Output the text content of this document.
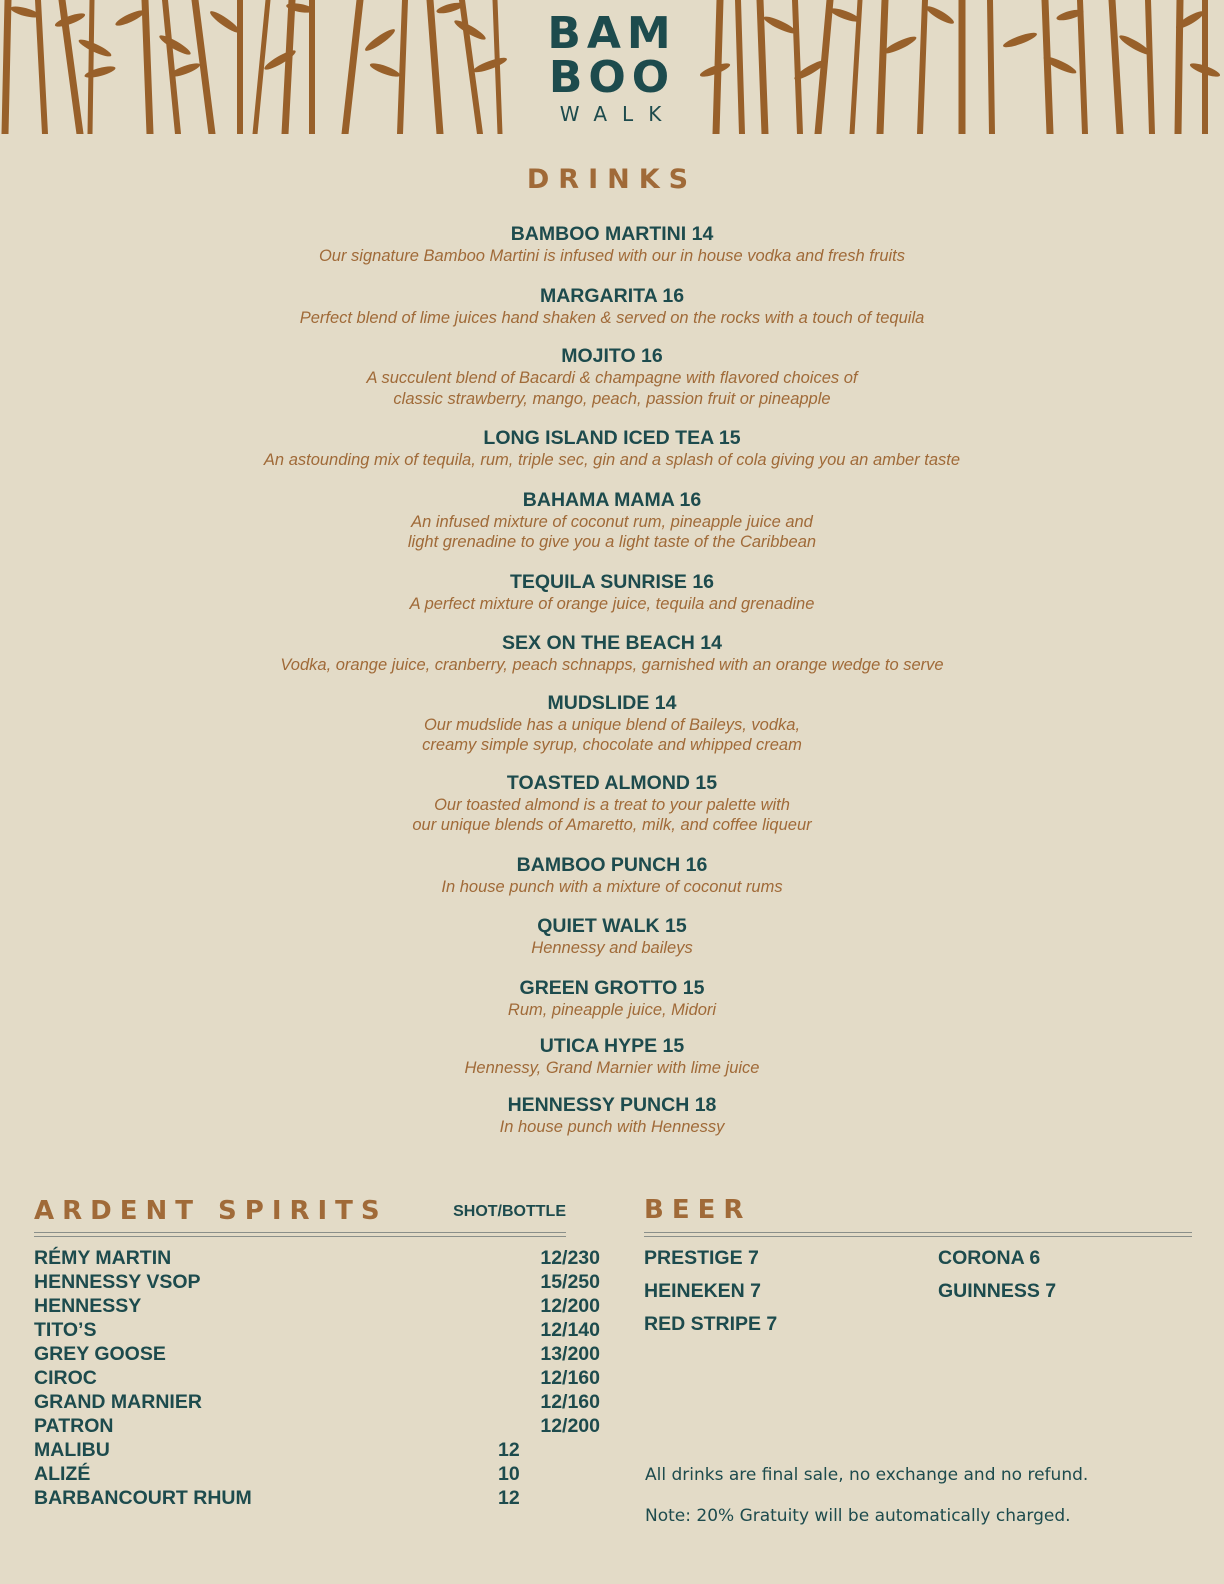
BAM
BOO
WALK
DRINKS
BAMBOO MARTINI 14
Our signature Bamboo Martini is infused with our in house vodka and fresh fruits
MARGARITA 16
Perfect blend of lime juices hand shaken & served on the rocks with a touch of tequila
MOJITO 16
A succulent blend of Bacardi & champagne with flavored choices of
classic strawberry, mango, peach, passion fruit or pineapple
LONG ISLAND ICED TEA 15
An astounding mix of tequila, rum, triple sec, gin and a splash of cola giving you an amber taste
BAHAMA MAMA 16
An infused mixture of coconut rum, pineapple juice and
light grenadine to give you a light taste of the Caribbean
TEQUILA SUNRISE 16
A perfect mixture of orange juice, tequila and grenadine
SEX ON THE BEACH 14
Vodka, orange juice, cranberry, peach schnapps, garnished with an orange wedge to serve
MUDSLIDE 14
Our mudslide has a unique blend of Baileys, vodka,
creamy simple syrup, chocolate and whipped cream
TOASTED ALMOND 15
Our toasted almond is a treat to your palette with
our unique blends of Amaretto, milk, and coffee liqueur
BAMBOO PUNCH 16
In house punch with a mixture of coconut rums
QUIET WALK 15
Hennessy and baileys
GREEN GROTTO 15
Rum, pineapple juice, Midori
UTICA HYPE 15
Hennessy, Grand Marnier with lime juice
HENNESSY PUNCH 18
In house punch with Hennessy
ARDENT SPIRITS	SHOT/BOTTLE
RÉMY MARTIN	12/230
HENNESSY VSOP	15/250
HENNESSY	12/200
TITO’S	12/140
GREY GOOSE	13/200
CIROC	12/160
GRAND MARNIER	12/160
PATRON	12/200
MALIBU	12
ALIZÉ	10
BARBANCOURT RHUM	12
BEER
PRESTIGE 7
HEINEKEN 7
RED STRIPE 7
CORONA 6
GUINNESS 7
All drinks are final sale, no exchange and no refund.
Note: 20% Gratuity will be automatically charged.
